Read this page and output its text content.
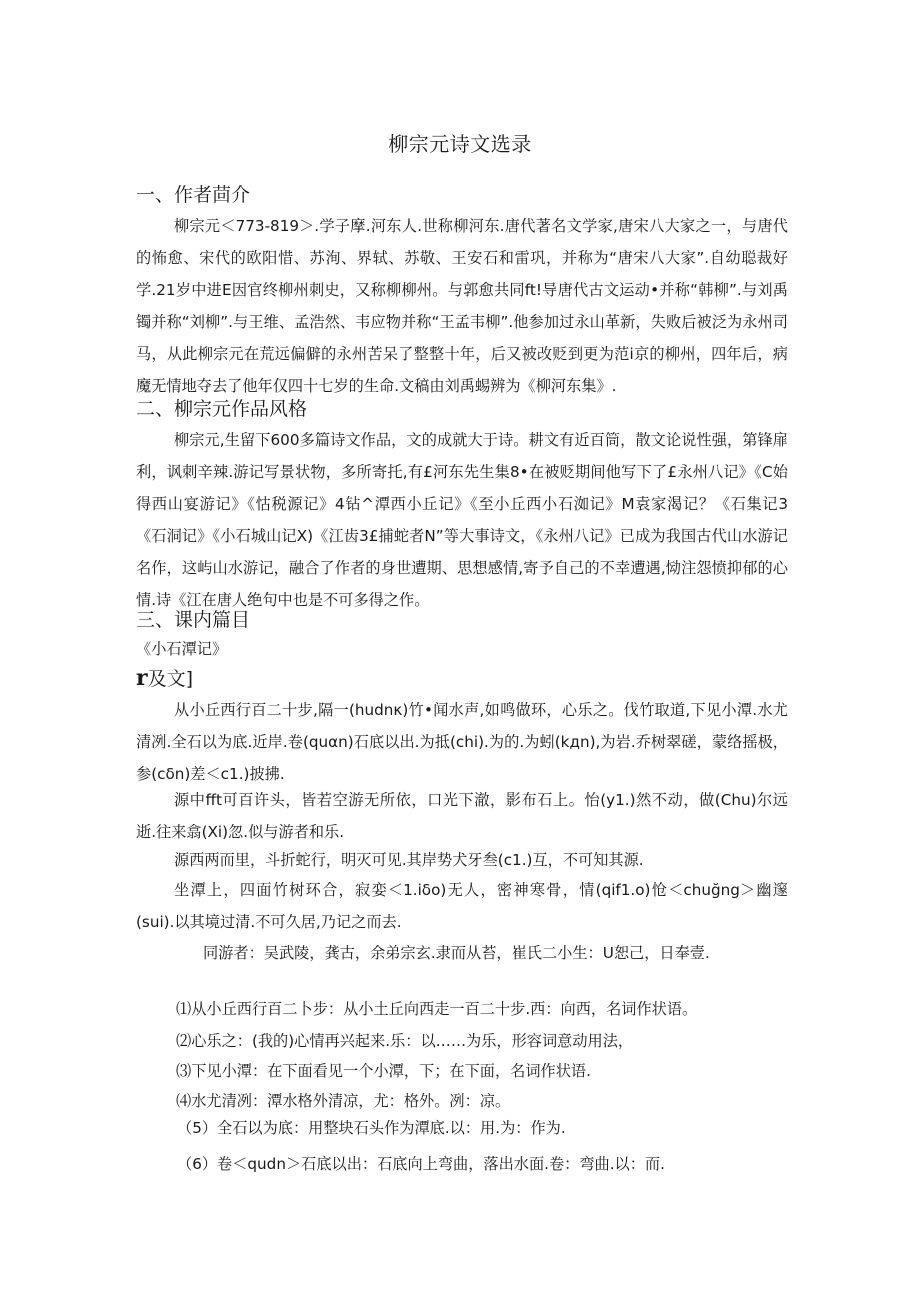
柳宗元诗文选录
一、作者茴介
柳宗元＜773-819＞.学子摩.河东人.世称柳河东.唐代著名文学家,唐宋八大家之一，与唐代的怖愈、宋代的欧阳惜、苏洵、界轼、苏敬、王安石和雷巩，并称为“唐宋八大家”.自幼聪裁好学.21岁中进E因官终柳州刺史，又称柳柳州。与郭愈共同ft!导唐代古文运动•并称“韩柳”.与刘禹镯并称“刘柳”.与王维、孟浩然、韦应物并称“王孟韦柳”.他参加过永山革新，失败后被泛为永州司马，从此柳宗元在荒远偏僻的永州苦呆了整整十年，后又被改贬到更为范i京的柳州，四年后，病魔无情地夺去了他年仅四十七岁的生命.文稿由刘禹蜴辨为《柳河东集》.
二、柳宗元作品风格
柳宗元,生留下600多篇诗文作品，文的成就大于诗。耕文有近百筒，散文论说性强，第锋扉利，讽刺辛辣.游记写景状物，多所寄托,有£河东先生集8•在被贬期间他写下了£永州八记》《C始得西山宴游记》《怙税源记》4钻^潭西小丘记》《至小丘西小石洳记》M袁家渴记？《石集记3《石洞记》《小石城山记X)《江齿3£捕蛇者N”等大事诗文，《永州八记》已成为我国古代山水游记名作，这屿山水游记，融合了作者的身世遭期、思想感情,寄予自己的不幸遭遇,恸注怨愤抑郁的心情.诗《江在唐人绝句中也是不可多得之作。
三、课内篇目
《小石潭记》
r及文]
从小丘西行百二十步,隔一(hudnκ)竹•闻水声,如鸣做环，心乐之。伐竹取道,下见小潭.水尤清冽.全石以为底.近岸.卷(quαn)石底以出.为抵(chi).为的.为蚓(kдn),为岩.乔树翠磋，蒙络摇极，参(cδn)差＜c1.)披拂.
源中fft可百许头，皆若空游无所依，口光下澈，影布石上。怡(y1.)然不动，做(Chu)尔远逝.往来翕(Xi)忽.似与游者和乐.
源西两而里，斗折蛇行，明灭可见.其岸势犬牙叁(c1.)互，不可知其源.
坐潭上，四面竹树环合，寂娈＜1.iδo)无人，密神寒骨，情(qif1.o)怆＜chuğng＞幽邃(sui).以其境过清.不可久居,乃记之而去.
同游者：吴武陵，龚古，余弟宗玄.隶而从苔，崔氏二小生：U恕己，日奉壹.
⑴从小丘西行百二卜步：从小土丘向西走一百二十步.西：向西，名词作状语。
⑵心乐之：(我的)心情再兴起来.乐：以……为乐，形容词意动用法，
⑶下见小潭：在下面看见一个小潭，下；在下面，名词作状语.
⑷水尤清冽：潭水格外清凉，尤：格外。冽：凉。
（5）全石以为底：用整块石头作为潭底.以：用.为：作为.
（6）卷＜qudn＞石底以出：石底向上弯曲，落出水面.卷：弯曲.以：而.
